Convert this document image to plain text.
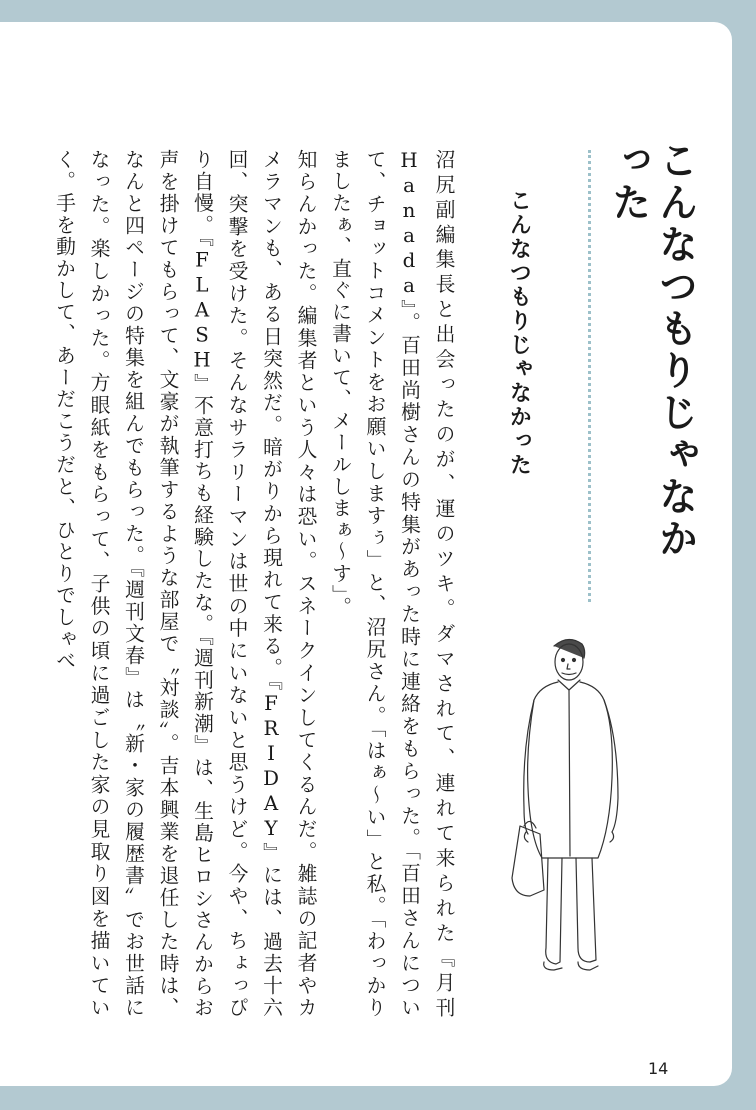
こんなつもりじゃなかった
こんなつもりじゃなかった

沼尻副編集長と出会ったのが、運のツキ。ダマされて、連れて来られた『月刊Hanada』。百田尚樹さんの特集があった時に連絡をもらった。「百田さんについて、チョットコメントをお願いしますぅ」と、沼尻さん。「はぁ～い」と私。「わっかりましたぁ、直ぐに書いて、メールしまぁ～す」。

知らんかった。編集者という人々は恐い。スネークインしてくるんだ。雑誌の記者やカメラマンも、ある日突然だ。暗がりから現れて来る。『FRIDAY』には、過去十六回、突撃を受けた。そんなサラリーマンは世の中にいないと思うけど。今や、ちょっぴり自慢。『FLASH』不意打ちも経験したな。『週刊新潮』は、生島ヒロシさんからお声を掛けてもらって、文豪が執筆するような部屋で〝対談〟。吉本興業を退任した時は、なんと四ページの特集を組んでもらった。『週刊文春』は〝新・家の履歴書〟でお世話になった。楽しかった。方眼紙をもらって、子供の頃に過ごした家の見取り図を描いていく。手を動かして、あーだこうだと、ひとりでしゃべ

14
